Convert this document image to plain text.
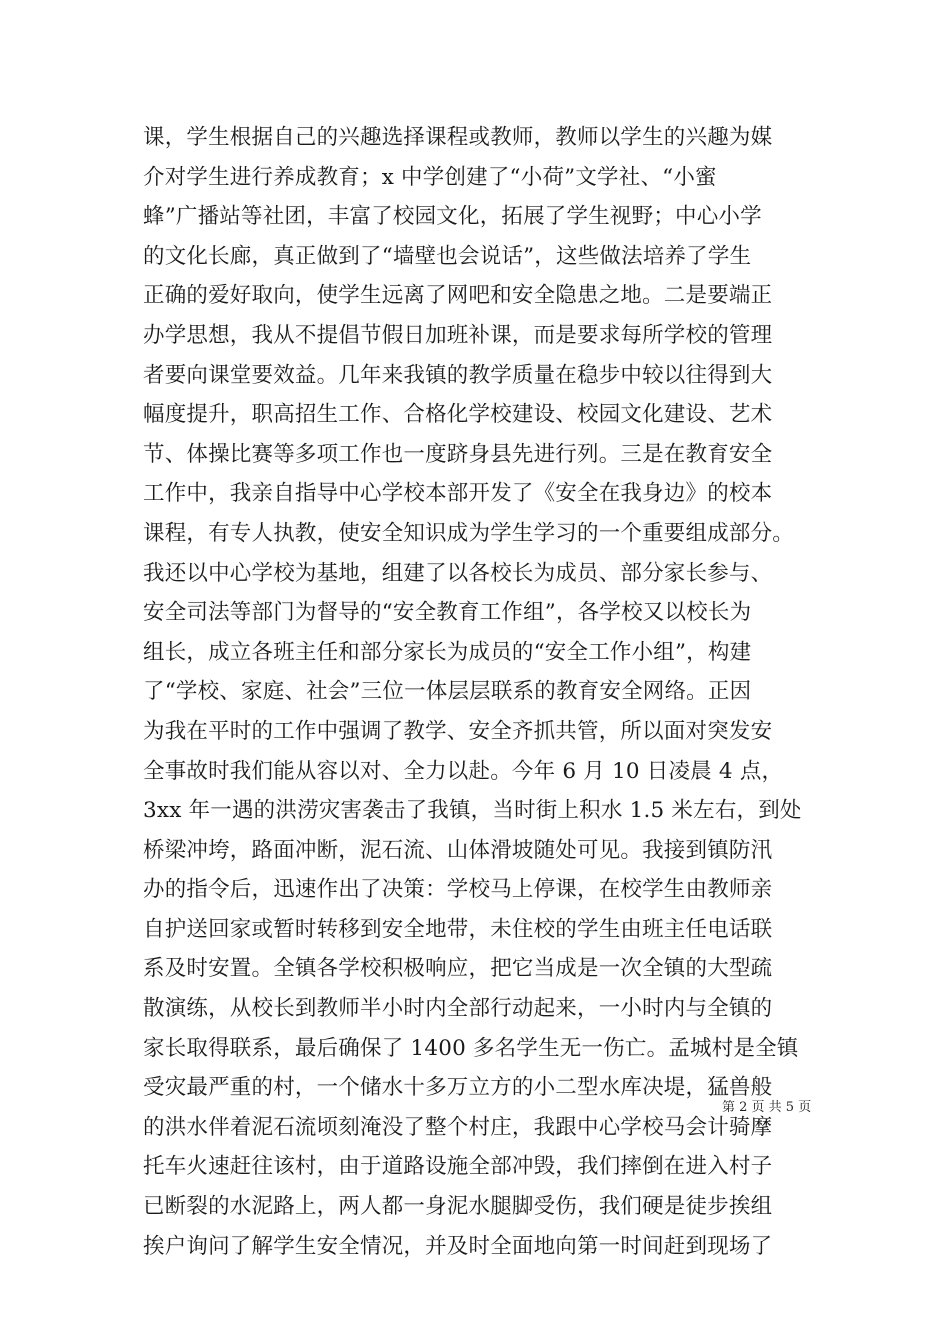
课，学生根据自己的兴趣选择课程或教师，教师以学生的兴趣为媒
介对学生进行养成教育；x 中学创建了“小荷”文学社、“小蜜
蜂”广播站等社团，丰富了校园文化，拓展了学生视野；中心小学
的文化长廊，真正做到了“墙壁也会说话”，这些做法培养了学生
正确的爱好取向，使学生远离了网吧和安全隐患之地。二是要端正
办学思想，我从不提倡节假日加班补课，而是要求每所学校的管理
者要向课堂要效益。几年来我镇的教学质量在稳步中较以往得到大
幅度提升，职高招生工作、合格化学校建设、校园文化建设、艺术
节、体操比赛等多项工作也一度跻身县先进行列。三是在教育安全
工作中，我亲自指导中心学校本部开发了《安全在我身边》的校本
课程，有专人执教，使安全知识成为学生学习的一个重要组成部分。
我还以中心学校为基地，组建了以各校长为成员、部分家长参与、
安全司法等部门为督导的“安全教育工作组”，各学校又以校长为
组长，成立各班主任和部分家长为成员的“安全工作小组”，构建
了“学校、家庭、社会”三位一体层层联系的教育安全网络。正因
为我在平时的工作中强调了教学、安全齐抓共管，所以面对突发安
全事故时我们能从容以对、全力以赴。今年 6 月 10 日凌晨 4 点，
3xx 年一遇的洪涝灾害袭击了我镇，当时街上积水 1.5 米左右，到处
桥梁冲垮，路面冲断，泥石流、山体滑坡随处可见。我接到镇防汛
办的指令后，迅速作出了决策：学校马上停课，在校学生由教师亲
自护送回家或暂时转移到安全地带，未住校的学生由班主任电话联
系及时安置。全镇各学校积极响应，把它当成是一次全镇的大型疏
散演练，从校长到教师半小时内全部行动起来，一小时内与全镇的
家长取得联系，最后确保了 1400 多名学生无一伤亡。孟城村是全镇
受灾最严重的村，一个储水十多万立方的小二型水库决堤，猛兽般
的洪水伴着泥石流顷刻淹没了整个村庄，我跟中心学校马会计骑摩
托车火速赶往该村，由于道路设施全部冲毁，我们摔倒在进入村子
已断裂的水泥路上，两人都一身泥水腿脚受伤，我们硬是徒步挨组
挨户询问了解学生安全情况，并及时全面地向第一时间赶到现场了
第 2 页 共 5 页
